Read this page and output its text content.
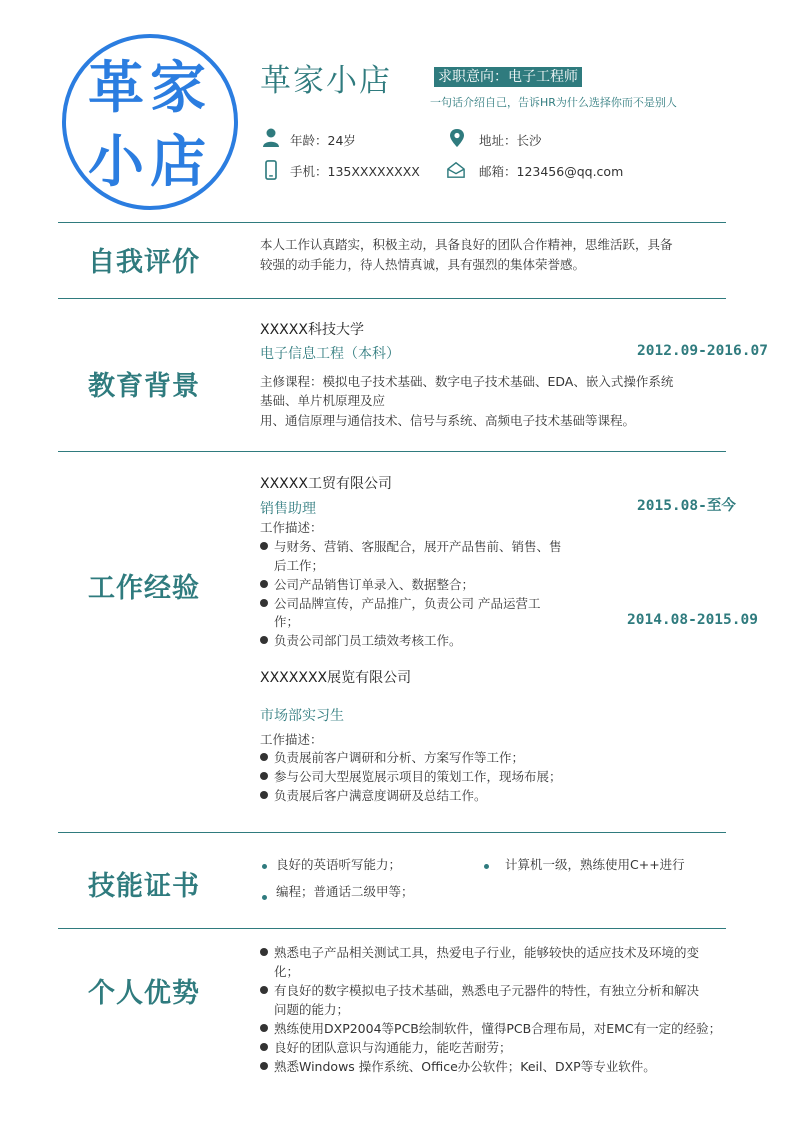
革家
小店
革家小店	求职意向：电子工程师
一句话介绍自己，告诉HR为什么选择你而不是别人
年龄：24岁	地址：长沙
手机：135XXXXXXXX	邮箱：123456@qq.com
自我评价
本人工作认真踏实，积极主动，具备良好的团队合作精神，思维活跃，具备
较强的动手能力，待人热情真诚，具有强烈的集体荣誉感。
教育背景
XXXXX科技大学
电子信息工程（本科）	2012.09-2016.07
主修课程：模拟电子技术基础、数字电子技术基础、EDA、嵌入式操作系统
基础、单片机原理及应
用、通信原理与通信技术、信号与系统、高频电子技术基础等课程。
工作经验
XXXXX工贸有限公司
销售助理	2015.08-至今
工作描述：
与财务、营销、客服配合，展开产品售前、销售、售
后工作；
公司产品销售订单录入、数据整合；
公司品牌宣传，产品推广，负责公司 产品运营工
作；
负责公司部门员工绩效考核工作。
2014.08-2015.09
XXXXXXX展览有限公司
市场部实习生
工作描述：
负责展前客户调研和分析、方案写作等工作；
参与公司大型展览展示项目的策划工作，现场布展；
负责展后客户满意度调研及总结工作。
技能证书
良好的英语听写能力；	计算机一级，熟练使用C++进行
编程；普通话二级甲等；
个人优势
熟悉电子产品相关测试工具，热爱电子行业，能够较快的适应技术及环境的变
化；
有良好的数字模拟电子技术基础，熟悉电子元器件的特性，有独立分析和解决
问题的能力；
熟练使用DXP2004等PCB绘制软件，懂得PCB合理布局，对EMC有一定的经验；
良好的团队意识与沟通能力，能吃苦耐劳；
熟悉Windows 操作系统、Office办公软件；Keil、DXP等专业软件。
